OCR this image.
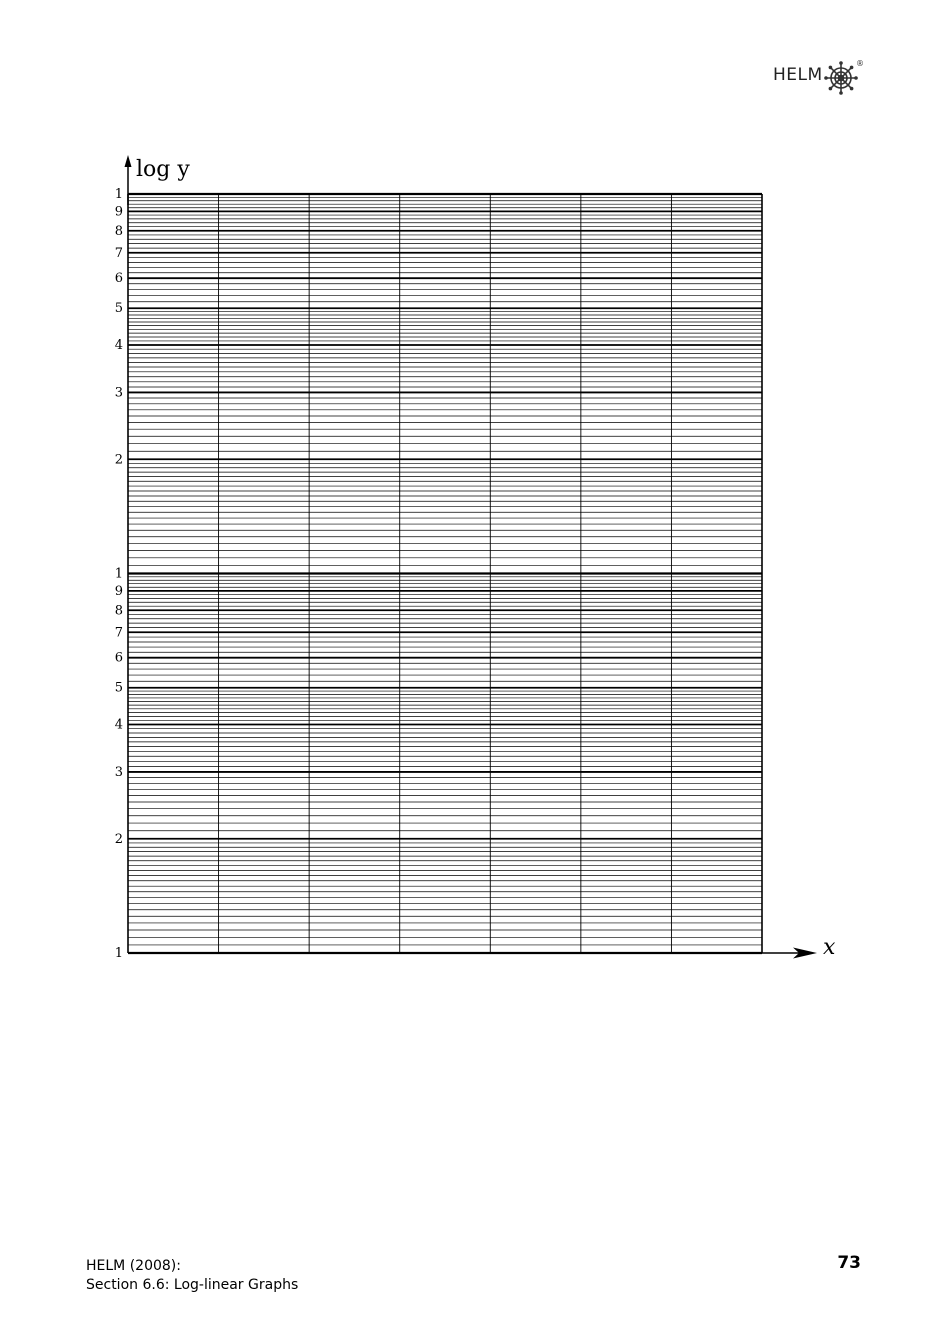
HELM
®
1
2
3
4
5
6
7
8
9
1
2
3
4
5
6
7
8
9
1
log y
x
HELM (2008):
Section 6.6: Log-linear Graphs
73
